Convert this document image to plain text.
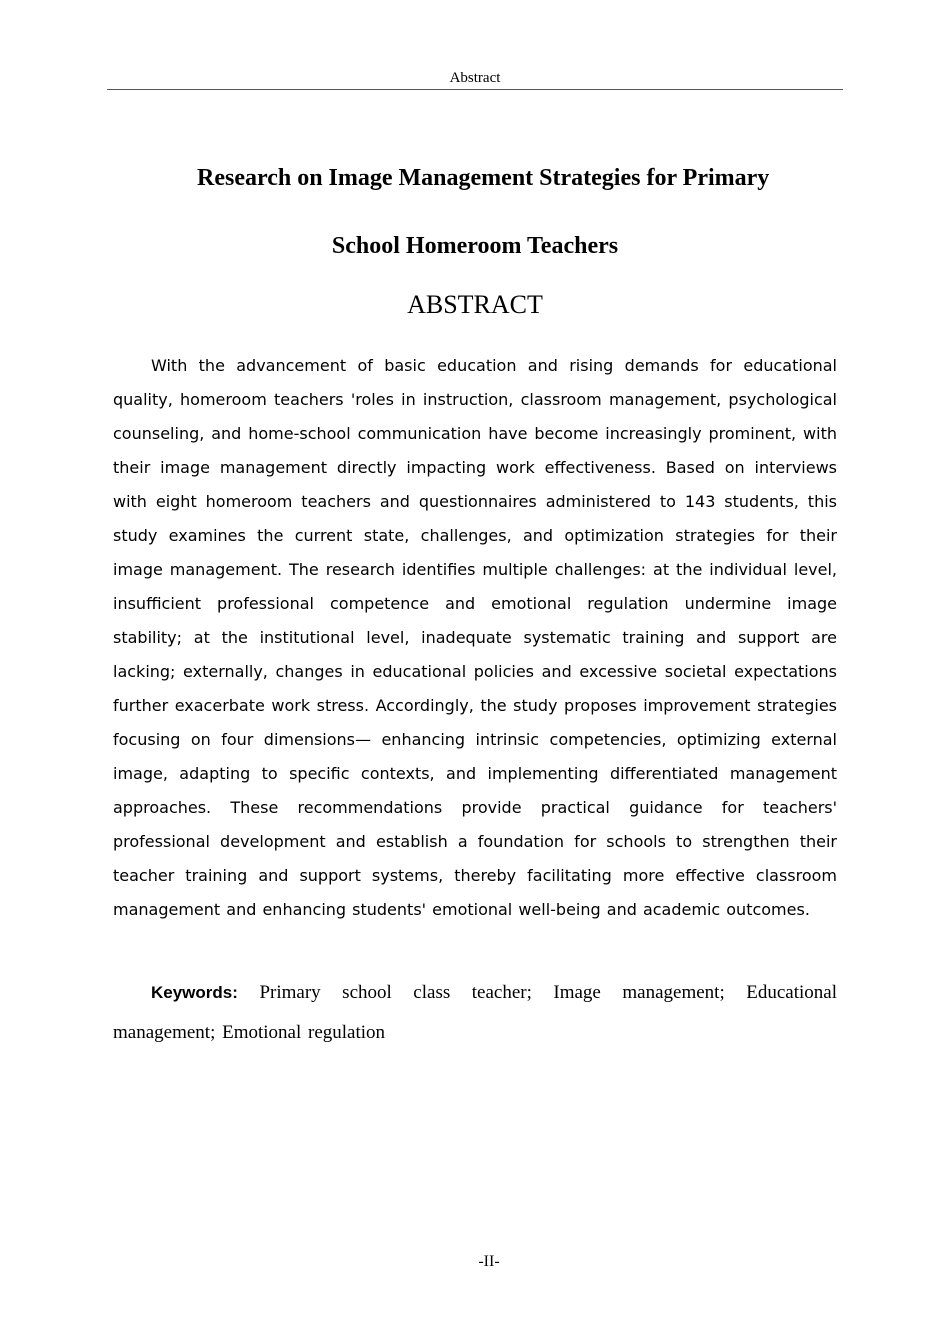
Abstract
Research on Image Management Strategies for Primary
School Homeroom Teachers
ABSTRACT

With the advancement of basic education and rising demands for educational quality, homeroom teachers 'roles in instruction, classroom management, psychological counseling, and home-school communication have become increasingly prominent, with their image management directly impacting work effectiveness. Based on interviews with eight homeroom teachers and questionnaires administered to 143 students, this study examines the current state, challenges, and optimization strategies for their image management. The research identifies multiple challenges: at the individual level, insufficient professional competence and emotional regulation undermine image stability; at the institutional level, inadequate systematic training and support are lacking; externally, changes in educational policies and excessive societal expectations further exacerbate work stress. Accordingly, the study proposes improvement strategies focusing on four dimensions— enhancing intrinsic competencies, optimizing external image, adapting to specific contexts, and implementing differentiated management approaches. These recommendations provide practical guidance for teachers' professional development and establish a foundation for schools to strengthen their teacher training and support systems, thereby facilitating more effective classroom management and enhancing students' emotional well-being and academic outcomes.

Keywords: Primary school class teacher; Image management; Educational management; Emotional regulation

-II-
